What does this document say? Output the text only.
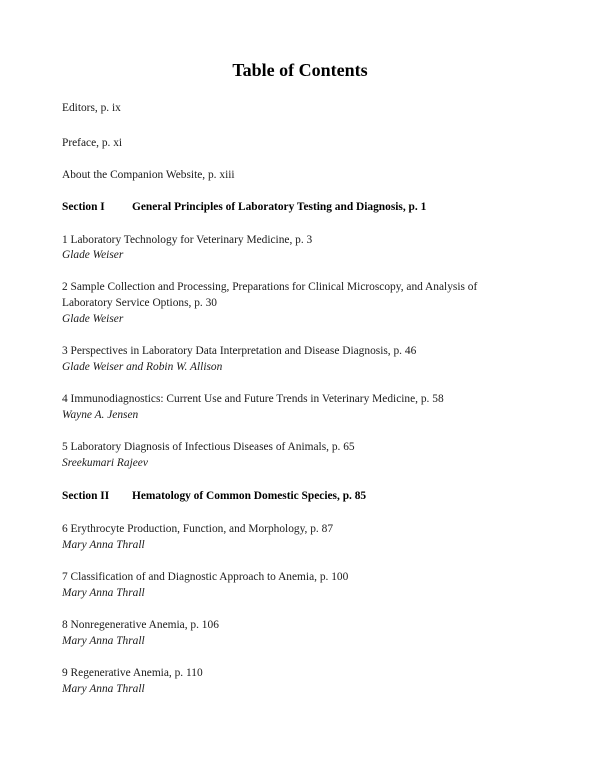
Table of Contents
Editors, p. ix
Preface, p. xi
About the Companion Website, p. xiii
Section I General Principles of Laboratory Testing and Diagnosis, p. 1
1 Laboratory Technology for Veterinary Medicine, p. 3
Glade Weiser
2 Sample Collection and Processing, Preparations for Clinical Microscopy, and Analysis of
Laboratory Service Options, p. 30
Glade Weiser
3 Perspectives in Laboratory Data Interpretation and Disease Diagnosis, p. 46
Glade Weiser and Robin W. Allison
4 Immunodiagnostics: Current Use and Future Trends in Veterinary Medicine, p. 58
Wayne A. Jensen
5 Laboratory Diagnosis of Infectious Diseases of Animals, p. 65
Sreekumari Rajeev
Section II Hematology of Common Domestic Species, p. 85
6 Erythrocyte Production, Function, and Morphology, p. 87
Mary Anna Thrall
7 Classification of and Diagnostic Approach to Anemia, p. 100
Mary Anna Thrall
8 Nonregenerative Anemia, p. 106
Mary Anna Thrall
9 Regenerative Anemia, p. 110
Mary Anna Thrall
